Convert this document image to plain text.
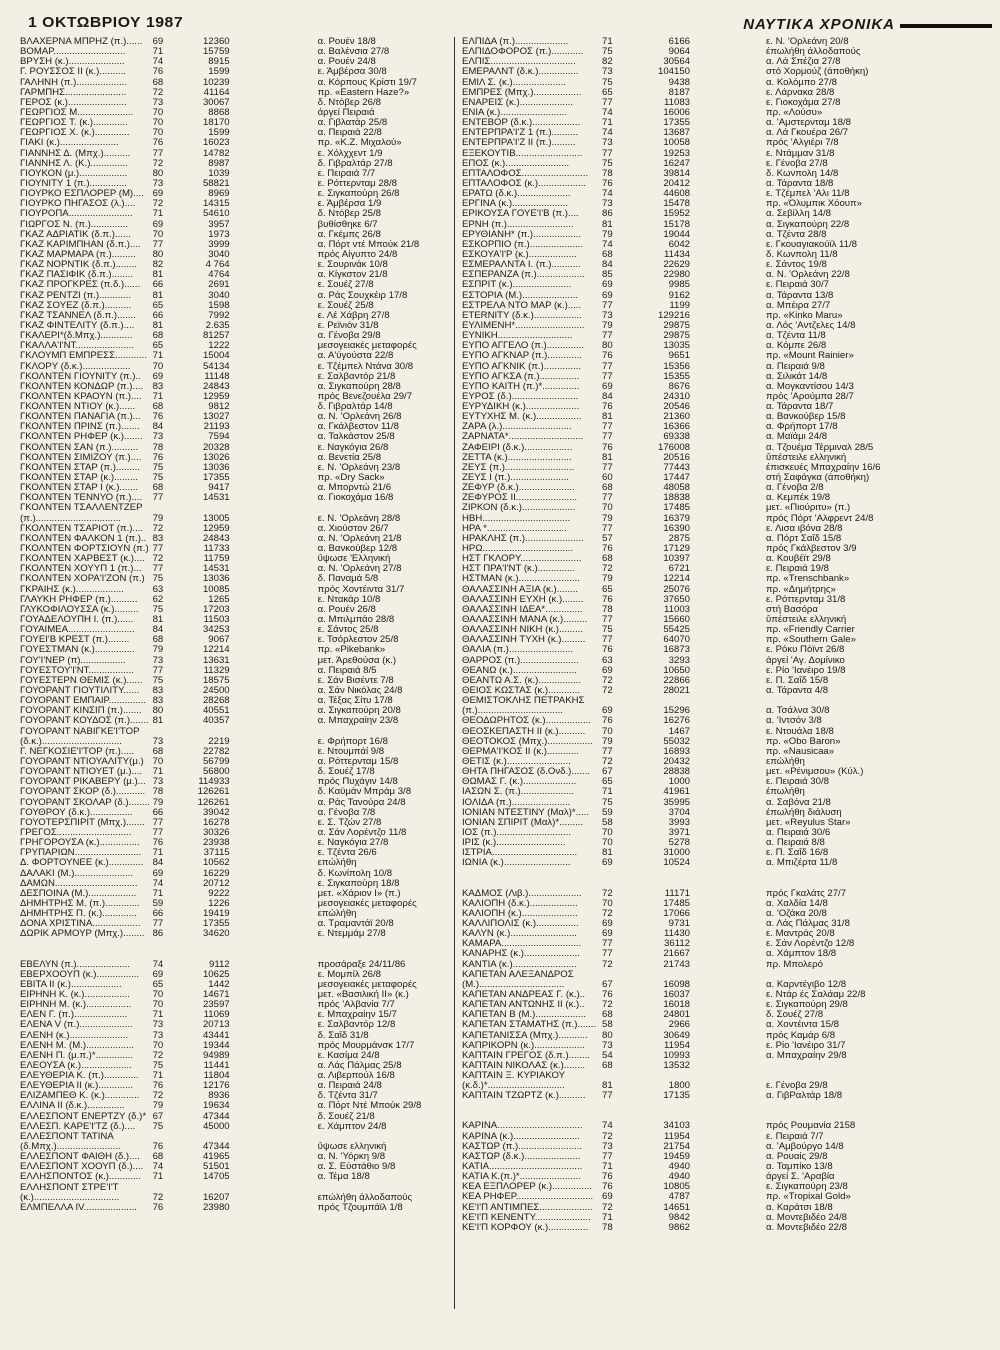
1 ΟΚΤΩΒΡΙΟΥ 1987	ΝΑΥΤΙΚΑ ΧΡΟΝΙΚΑ
ΒΛΑΧΕΡΝΑ ΜΠΡΗΖ (π.)......	69	12360	α. Ρουέν 18/8
ΒΟΜΑΡ...........................	71	15759	α. Βαλένσια 27/8
ΒΡΥΣΗ (κ.).....................	74	8915	α. Ρουέν 24/8
Γ. ΡΟΥΣΣΟΣ ΙΙ (κ.)..........	76	1599	ε. Άμβέρσα 30/8
ΓΑΛΗΝΗ (π.)...................	68	10239	α. Κόρπους Κρίστι 19/7
ΓΑΡΜΠΗΣ.......................	72	41164	πρ. «Eastern Haze?»
ΓΕΡΟΣ (κ.)......................	73	30067	δ. Ντόβερ 26/8
ΓΕΩΡΓΙΟΣ Μ.....................	70	8868	άργεί Πειραιά
ΓΕΩΡΓΙΟΣ Τ. (κ.).............	70	18170	α. Γιβλατάρ 25/8
ΓΕΩΡΓΙΟΣ Χ. (κ.).............	70	1599	α. Πειραιά 22/8
ΓΙΑΚΙ (κ.)......................	76	16023	πρ. «Κ.Ζ. Μιχαλού»
ΓΙΑΝΝΗΣ Δ. (Μπχ.)..........	77	14782	ε. Χόλχχεντ 1/9
ΓΙΑΝΝΗΣ Λ. (Κ.)..............	72	8987	δ. Γιβραλτάρ 27/8
ΓΙΟΥΚΟΝ (μ.)..................	80	1039	ε. Πειραιά 7/7
ΓΙΟΥΝΙΤΥ 1 (π.)..............	73	58821	ε. Ρόττερνταμ 28/8
ΓΙΟΥΡΚΟ ΕΣΠΛΟΡΕΡ (Μ).... 69	8969	ε. Σιγκαπούρη 26/8
ΓΙΟΥΡΚΟ ΠΗΓΑΣΟΣ (λ.)....	72	14315	ε. Άμβέρσα 1/9
ΓΙΟΥΡΟΠΑ........................	71	54610	δ. Ντόβερ 25/8
ΓΙΩΡΓΟΣ Ν. (π.)..............	69	3957	βυθίσθηκε 6/7
ΓΚΑΖ ΑΔΡΙΑΤΙΚ (δ.π.)......	70	1973	α. Γκέμπς 26/8
ΓΚΑΖ ΚΑΡΙΜΠΗΑΝ (δ.π.)....	77	3999	α. Πόρτ ντέ Μπούκ 21/8
ΓΚΑΖ ΜΑΡΜΑΡΑ (π.).........	80	3040	πρός Αίγυπτο 24/8
ΓΚΑΖ ΝΟΡΝΤΙΚ (δ.π.)........	82	4 764	ε. Σουρινάκ 10/8
ΓΚΑΖ ΠΑΣΙΦΙΚ (δ.π.)........	81	4764	α. Κίγκστον 21/8
ΓΚΑΖ ΠΡΟΓΚΡΕΣ (π.δ.)......	66	2691	ε. Σουέζ 27/8
ΓΚΑΖ ΡΕΝΤΖΙ (π.)............	81	3040	α. Ράς Σουχκέιρ 17/8
ΓΚΑΖ ΣΟΥΕΖ (δ.π.)..........	65	1598	ε. Σουέζ 25/8
ΓΚΑΖ ΤΣΑΝΝΕΛ (δ.π.).......	66	7992	ε. Λέ Χάβρη 27/8
ΓΚΑΖ ΦΙΝΤΕΛΙΤΥ (δ.π.)....	81	2.635	ε. Ρεϊνιόν 31/8
ΓΚΑΛΕΡΙ*(δ.Μπχ.)............	68	81257	α. Γένοβα 29/8
ΓΚΑΛΛΑ'Ι'ΝΤ......................	65	1222	μεσογειακές μεταφορές
ΓΚΛΟΥΜΠ ΕΜΠΡΕΣΣ............ 71	15004	α. Α'ύγούστα 22/8
ΓΚΛΟΡΥ (δ.κ.)..................	70	54134	ε. Τζέμπελ Ντάνα 30/8
ΓΚΟΛΝΤΕΝ ΓΙΟΥΝΙΤΥ (π.)..	69	11148	ε. Σαλβαντόρ 21/8
ΓΚΟΛΝΤΕΝ ΚΟΝΔΩΡ (π.).... 83	24843	α. Σιγκαπούρη 28/8
ΓΚΟΛΝΤΕΝ ΚΡΑΟΥΝ (π.)....	71	12959	πρός Βενεζουέλα 29/7
ΓΚΟΛΝΤΕΝ ΝΤΙΟΥ (κ.)......	68	9812	δ. Γιβραλτάρ 14/8
ΓΚΟΛΝΤΕΝ ΠΑΝΑΓΙΑ (π.)...	76	13027	α. Ν. 'Ορλεάνη 26/8
ΓΚΟΛΝΤΕΝ ΠΡΙΝΣ (π.).......	84	21193	α. Γκάλβεστον 11/8
ΓΚΟΛΝΤΕΝ ΡΗΦΕΡ (κ.).......	73	7594	α. Ταλκάστον 25/8
ΓΚΟΛΝΤΕΝ ΣΑΝ (π.)..........	78	20328	ε. Ναγκόγια 26/8
ΓΚΟΛΝΤΕΝ ΣΙΜΙΖΟΥ (π.)....	76	13026	α. Βενετία 25/8
ΓΚΟΛΝΤΕΝ ΣΤΑΡ (π.).........	75	13036	ε. Ν. 'Ορλεάνη 23/8
ΓΚΟΛΝΤΕΝ ΣΤΑΡ (κ.).........	75	17355	πρ. «Dry Sack»
ΓΚΟΛΝΤΕΝ ΣΤΑΡ Ι (κ.).......	68	9417	α. Μπορντώ 21/6
ΓΚΟΛΝΤΕΝ ΤΕΝΝΥΟ (π.)....	77	14531	α. Γιοκοχάμα 16/8
ΓΚΟΛΝΤΕΝ ΤΣΑΛΛΕΝΤΖΕΡ
(π.)................................	79	13005	ε. Ν. 'Ορλεάνη 28/8
ΓΚΟΛΝΤΕΝ ΤΣΑΡΙΟΤ (π.).... 72	12959	α. Χιούστον 26/7
ΓΚΟΛΝΤΕΝ ΦΑΛΚΟΝ 1 (π.).. 83	24843	α. Ν. 'Ορλεάνη 21/8
ΓΚΟΛΝΤΕΝ ΦΟΡΤΣΙΟΥΝ (π.) 77	11733	α. Βανκούβερ 12/8
ΓΚΟΛΝΤΕΝ ΧΑΡΒΕΣΤ (κ.).... 72	11759	ΰψωσε 'Ελληνική
ΓΚΟΛΝΤΕΝ ΧΟΥΥΠ 1 (π.)...	77	14531	α. Ν. 'Ορλεάνη 27/8
ΓΚΟΛΝΤΕΝ ΧΟΡΑ'Ι'ΖΟΝ (π.) 75	13036	δ. Παναμά 5/8
ΓΚΡΑΙΗΣ (κ.)..................	63	10085	πρός Χοντέιντα 31/7
ΓΛΑΥΚΗ ΡΗΦΕΡ (π.)..........	62	1265	ε. Ντακάρ 10/8
ΓΛΥΚΟΦΙΛΟΥΣΣΑ (κ.).........	75	17203	α. Ρουέν 26/8
ΓΟΥΑΔΕΛΟΥΠΗ Ι. (π.)......	81	11503	α. Μπιλμπάο 28/8
ΓΟΥΑΙΜΕΑ.........................	84	34253	ε. Σάντος 25/8
ΓΟΥΕΪ'Β ΚΡΕΣΤ (π.)........	68	9067	ε. Τσόρλεστον 25/8
ΓΟΥΕΣΤΜΑΝ (κ.)...............	79	12214	πρ. «Pikebank»
ΓΟΥ'Ι'ΝΕΡ (π).................	73	13631	μετ. Άρεθούσα (κ.)
ΓΟΥΕΣΤΟΥ'Ι'ΝΤ.................	77	11329	α. Πειραιά 8/5
ΓΟΥΕΣΤΕΡΝ ΘΕΜΙΣ (κ.)......	75	18575	ε. Σάν Βισέντε 7/8
ΓΟΥΟΡΑΝΤ ΓΙΟΥΤΙΛΙΤΥ......	83	24500	α. Σάν Νικόλας 24/8
ΓΟΥΟΡΑΝΤ ΕΜΠΑΙΡ.............. 83	28268	α. Τέξας Σίτυ 17/8
ΓΟΥΟΡΑΝΤ ΚΙΝΣΙΠ (π.).......	80	40551	α. Σιγκαπούρη 20/8
ΓΟΥΟΡΑΝΤ ΚΟΥΔΟΣ (π.)....... 81	40357	α. Μπαχραίην 23/8
ΓΟΥΟΡΑΝΤ ΝΑΒΙΓΚΕ'Ι'ΤΟΡ
(δ.κ.)..............................	73	2219	ε. Φρήπορτ 16/8
Γ. ΝΕΓΚΟΣΙΕ'Ι'ΤΟΡ (π.).....	68	22782	ε. Ντουμπάί 9/8
ΓΟΥΟΡΑΝΤ ΝΤΙΟΥΑΛΙΤΥ(μ.) 70	56799	α. Ρόττερνταμ 15/8
ΓΟΥΟΡΑΝΤ ΝΤΙΟΥΕΤ (μ.)....	71	56800	δ. Σουέζ 17/8
ΓΟΥΟΡΑΝΤ ΡΙΚΑΒΕΡΥ (μ.)... 73	114933	πρός Πυχάγιν 14/8
ΓΟΥΟΡΑΝΤ ΣΚΟΡ (δ.)........... 78	126261	δ. Καϋμάν Μπράμ 3/8
ΓΟΥΟΡΑΝΤ ΣΚΟΛΑΡ (δ.)........ 79	126261	α. Ράς Τανούρα 24/8
ΓΟΥΘΡΟΥ (δ.κ.)................	66	39042	α. Γένοβα 7/8
ΓΟΥΟΤΕΡΣΠΙΡΙΤ (Μπχ.)....... 77	16278	ε. Σ. Τζών 27/8
ΓΡΕΓΟΣ............................	77	30326	α. Σάν Λορέντζο 11/8
ΓΡΗΓΟΡΟΥΣΑ (κ.)...............	76	23938	ε. Ναγκόγια 27/8
ΓΡΥΠΑΡΙΩΝ.........................	71	37115	ε. Τζέντα 26/6
Δ. ΦΟΡΤΟΥΝΕΕ (κ.)............. 84	10562	επώλήθη
ΔΑΛΑΚΙ (Μ.)......................	69	16229	δ. Κωνίπολη 10/8
ΔΑΜΩΝ...............................	74	20712	ε. Σιγκαπούρη 18/8
ΔΕΣΠΟΙΝΑ (Μ.)..................	71	9222	μετ. «Χάριον Ι» (π.)
ΔΗΜΗΤΡΗΣ Μ. (π.).............	59	1226	μεσογειακές μεταφορές
ΔΗΜΗΤΡΗΣ Π. (κ.).............	66	19419	επώλήθη
ΔΟΝΑ ΧΡΙΣΤΙΝΑ..................	77	17355	α. Τραμαντάϊ 20/8
ΔΩΡΙΚ ΑΡΜΟΥΡ (Μπχ.)........ 86	34620	ε. Ντεμμάμ 27/8
ΕΒΕΛΥΝ (π.)....................	74	9112	προσάραξε 24/11/86
ΕΒΕΡΧΟΟΥΠ (κ.)................	69	10625	ε. Μομπίλ 26/8
ΕΒΙΤΑ ΙΙ (κ.)...................	65	1442	μεσογειακές μεταφορές
ΕΙΡΗΝΗ Κ. (κ.).................	70	14671	μετ. «Βασιλική ΙΙ» (κ.)
ΕΙΡΗΝΗ Μ. (κ.).................	70	23597	πρός 'Αλβανία 7/7
ΕΛΕΝ Γ. (π.)....................	71	11069	ε. Μπαχραίην 15/7
ΕΛΕΝΑ V (π.)....................	73	20713	ε. Σαλβαντόρ 12/8
ΕΛΕΝΗ (κ.)......................	73	43441	δ. Σαΐδ 31/8
ΕΛΕΝΗ Μ. (Μ.)..................	70	19344	πρός Μουρμάνσκ 17/7
ΕΛΕΝΗ Π. (μ.π.)*..............	72	94989	ε. Κασίμα 24/8
ΕΛΕΟΥΣΑ (κ.)...................	75	11441	α. Λάς Πάλμας 25/8
ΕΛΕΥΘΕΡΙΑ Κ. (π.).............	71	11804	α. Λιβερπούλ 16/8
ΕΛΕΥΘΕΡΙΑ ΙΙ (κ.).............	76	12176	α. Πειραιά 24/8
ΕΛΙΖΑΜΠΕΘ Κ. (κ.).............	72	8936	δ. Τζέντα 31/7
ΕΛΛΙΝΑ ΙΙ (δ.κ.)..............	79	19634	α. Πόρτ Ντέ Μπούκ 29/8
ΕΛΛΕΣΠΟΝΤ ΕΝΕΡΤΖΥ (δ.)* 67	47344	δ. Σουέζ 21/8
ΕΛΛΕΣΠ. ΚΑΡΕ'Ι'ΤΖ (δ.)....	75	45000	ε. Χάμπτον 24/8
ΕΛΛΕΣΠΟΝΤ ΤΑΤΙΝΑ
(δ.Μπχ.)........................	76	47344	ΰψωσε ελληνική
ΕΛΛΕΣΠΟΝΤ ΦΑΙΘΗ (δ.)....	68	41965	α. Ν. 'Υόρκη 9/8
ΕΛΛΕΣΠΟΝΤ ΧΟΟΥΠ (δ.).... 74	51501	α. Σ. Εύστάθιο 9/8
ΕΛΛΗΣΠΟΝΤΟΣ (κ.)............	71	14705	α. Τέμα 18/8
ΕΛΛΗΣΠΟΝΤ ΣΤΡΕ'Ι'Τ
(κ.)................................	72	16207	επώλήθη άλλοδαπούς
ΕΛΜΠΕΛΛΑ IV....................	76	23980	πρός Τζουμπάϊλ 1/8
ΕΛΠΙΔΑ (π.)....................	71	6166	ε. Ν. 'Ορλεάνη 20/8
ΕΛΠΙΔΟΦΟΡΟΣ (π.)............	75	9064	έπωλήθη άλλοδαπούς
ΕΛΠΙΣ................................	82	30564	α. Λά Σπέζια 27/8
ΕΜΕΡΑΛΝΤ (δ.κ.)...............	73	104150	στό Χορμούζ (άποθήκη)
ΕΜΙΛ Σ. (κ.)....................	75	9438	α. Κολόμπο 27/8
ΕΜΠΡΕΣ (Μπχ.)..................	65	8187	ε. Λάρνακα 28/8
ΕΝΑΡΕΙΣ (κ.)....................	77	11083	ε. Γιοκοχάμα 27/8
ΕΝΙΑ (κ.).........................	74	16006	πρ. «Λούσυ»
ΕΝΤΕΒΟΡ (δ.κ.)..................	71	17355	α. 'Αμστερνταμ 18/8
ΕΝΤΕΡΠΡΑ'Ι'Ζ 1 (π.)..........	74	13687	α. Λά Γκουέρα 26/7
ΕΝΤΕΡΠΡΑ'Ι'Ζ ΙΙ (π.).........	73	10058	πρός 'Αλγιέρι 7/8
ΕΞΕΚΟΥΤΙΒ.........................	77	19253	ε. Ντάμμαν 31/8
ΕΠΟΣ (κ.)........................	75	16247	ε. Γένοβα 27/8
ΕΠΤΑΛΟΦΟΣ.........................	78	39814	δ. Κωνπολη 14/8
ΕΠΤΑΛΟΦΟΣ (κ.)..................	76	20412	α. Τάραντα 18/8
ΕΡΑΤΩ (δ.κ.)....................	74	44608	ε. Τζέμπελ 'Αλι 11/8
ΕΡΓΙΝΑ (κ.).....................	73	15478	πρ. «Όλυμπικ Χόουπ»
ΕΡΙΚΟΥΣΑ ΓΟΥΕ'Ι'Β (π.)....	86	15952	α. Σεβίλλη 14/8
ΕΡΝΗ (π.).........................	81	15178	α. Σιγκαπούρη 22/8
ΕΡΥΘΙΑΝΗ* (π.)..................	79	19044	α. Τζέντα 28/8
ΕΣΚΟΡΠΙΟ (π.)....................	74	6042	ε. Γκουαγιακούϊλ 11/8
ΕΣΚΟΥΑ'Ι'Ρ (κ.)..................	68	11434	δ. Κωνπολη 11/8
ΕΣΜΕΡΑΛΝΤΑ Ι. (π.)...........	84	22629	ε. Σάντος 19/8
ΕΣΠΕΡΑΝΖΑ (π.)..................	85	22980	α. Ν. 'Ορλεάνη 22/8
ΕΣΠΡΙΤ (κ.)......................	69	9985	ε. Πειραιά 30/7
ΕΣΤΟΡΙΑ (Μ.).....................	69	9162	α. Τάραντα 13/8
ΕΣΤΡΕΛΑ ΝΤΟ ΜΑΡ (κ.).....	77	1199	α. Μπέιρα 27/7
ΕΤΕRΝΙΤΥ (δ.κ.)..................	73	129216	πρ. «Kinko Maru»
ΕΥΛΙΜΕΝΗ*..........................	79	29875	α. Λός 'Αντζελες 14/8
ΕΥΝΙΚΗ............................	77	29875	α. Τζέντα 11/8
ΕΥΠΟ ΑΓΓΕΛΟ (π.)..............	80	13035	α. Κόμπε 26/8
ΕΥΠΟ ΑΓΚΝΑΡ (π.).............	76	9651	πρ. «Mount Rainier»
ΕΥΠΟ ΑΓΚΝΙΚ (π.)..............	77	15356	α. Πειραιά 9/8
ΕΥΠΟ ΑΓΚΣΑ (π.)...............	77	15355	α. Σιλικάτ 14/8
ΕΥΠΟ ΚΑΙΤΗ (π.)*..............	69	8676	α. Μογκαντίσου 14/3
ΕΥΡΟΣ (δ.).........................	84	24310	πρός 'Αρούμπα 28/7
ΕΥΡΥΔΙΚΗ (κ.)....................	76	20546	α. Τάραντα 18/7
ΕΥΤΥΧΗΣ Μ. (κ.).................	81	21360	α. Βανκούβερ 15/8
ΖΑΡΑ (λ.)..........................	77	16366	α. Φρήπορτ 17/8
ΖΑΡΝΑΤΑ*............................	77	69338	α. Μαϊάμι 24/8
ΖΑΦΕΙΡΙ (δ.κ.)..................	76	176008	α. Τζουέμα Τέρμιναλ 28/5
ΖΕΤΤΑ (κ.)........................	81	20516	ΰπέστειλε ελληνική
ΖΕΥΣ (π.)..........................	77	77443	έπισκευές Μπαχραίην 16/6
ΖΕΥΣ Ι (π.)......................	60	17447	στή Σαφάγκα (άποθήκη)
ΖΕΦΥΡ (δ.κ.).....................	68	48058	α. Γένοβα 2/8
ΖΕΦΥΡΟΣ ΙΙ.......................	77	18838	α. Κεμπέκ 19/8
ΖΙΡΚΟΝ (δ.κ.)....................	70	17485	μετ. «Πιούριτυ» (π.)
ΗΒΗ.................................	79	16379	πρός Πόρτ 'Αλφρεντ 24/8
ΗΡΑ *..............................	77	16390	ε. Λισα ιβόνα 28/8
ΗΡΑΚΛΗΣ (π.)......................	57	2875	α. Πόρτ Σαΐδ 15/8
ΗΡΩ..................................	76	17129	πρός Γκάλβεστον 3/9
ΗΣΤ ΓΚΛΟΡΥ.......................	68	10397	α. Κουβέϊτ 29/8
ΗΣΤ ΠΡΑ'Ι'ΝΤ (κ.)..............	72	6721	ε. Πειραιά 19/8
ΗΣΤΜΑΝ (κ.).......................	79	12214	πρ. «Trenschbank»
ΘΑΛΑΣΣΙΝΗ ΑΞΙΑ (κ.)........	65	25076	πρ. «Δημήτρης»
ΘΑΛΑΣΣΙΝΗ ΕΥΧΗ (κ.)........	76	37650	ε. Ρόττερνταμ 31/8
ΘΑΛΑΣΣΙΝΗ ΙΔΕΑ*..............	78	11003	στή Βασόρα
ΘΑΛΑΣΣΙΝΗ ΜΑΝΑ (κ.).........	77	15660	ΰπέστειλε ελληνική
ΘΑΛΑΣΣΙΝΗ ΝΙΚΗ (κ.).........	75	55425	πρ. «Friendly Carrier
ΘΑΛΑΣΣΙΝΗ ΤΥΧΗ (κ.).........	77	64070	πρ. «Southern Gale»
ΘΑΛΙΑ (π.)........................	76	16873	ε. Ρόκυ Πόϊντ 26/8
ΘΑΡΡΟΣ (π.)......................	63	3293	άργεί 'Αγ. Δομίνικο
ΘΕΑΝΩ (κ.)........................	69	10650	ε. Ρίο 'Ιανέιρο 19/8
ΘΕΑΝΤΩ Α.Σ. (κ.)................	72	22866	ε. Π. Σαΐδ 15/8
ΘΕΙΟΣ ΚΩΣΤΑΣ (κ.)............	72	28021	α. Τάραντα 4/8
ΘΕΜΙΣΤΟΚΛΗΣ ΠΕΤΡΑΚΗΣ
(π.)................................	69	15296	α. Τσάλνα 30/8
ΘΕΟΔΩΡΗΤΟΣ (κ.).................	76	16276	α. 'Ιντσόν 3/8
ΘΕΟΣΚΕΠΑΣΤΗ ΙΙ (κ.)..........	70	1467	ε. Ντουάλα 18/8
ΘΕΟΤΟΚΟΣ (Μπχ.)................. 79	55032	πρ. «Obo Baron»
ΘΕΡΜΑ'Ι'ΚΟΣ ΙΙ (κ.)............	77	16893	πρ. «Nausicaa»
ΘΕΤΙΣ (κ.)........................	72	20432	επώλήθη
ΘΗΤΑ ΠΗΓΑΣΟΣ (δ.Ονδ.).......	67	28838	μετ. «Ρένιμσου» (Κύλ.)
ΘΩΜΑΣ Γ. (κ.)....................	65	1000	ε. Πειραιά 30/8
ΙΑΣΩΝ Σ. (π.)....................	71	41961	έπωλήθη
ΙΟΛΙΔΑ (π.)......................	75	35995	α. Σαβόνα 21/8
ΙΟΝΙΑΝ ΝΤΕΣΤΙΝΥ (Μαλ)*.....	59	3704	έπωλήθη διάλυση
ΙΟΝΙΑΝ ΣΠΙΡΙΤ (Μαλ)*.........	58	3993	μετ. «Reyulus Star»
ΙΟΣ (π.)............................	70	3971	α. Πειραιά 30/6
ΙΡΙΣ (κ.)..........................	70	5278	α. Πειραιά 8/8
ΙΣΤΡΙΑ................................	81	31000	ε. Π. Σαΐδ 16/8
ΙΩΝΙΑ (κ.).........................	69	10524	α. Μπιζέρτα 11/8
ΚΑΔΜΟΣ (Λιβ.)....................	72	11171	πρός Γκαλάτς 27/7
ΚΑΛΙΟΠΗ (δ.κ.)..................	70	17485	α. Χαλδία 14/8
ΚΑΛΙΟΠΗ (κ.).....................	72	17066	α. 'Οζάκα 20/8
ΚΑΛΛΙΠΟΛΙΣ (κ.)................	69	9731	α. Λάς Πάλμας 31/8
ΚΑΛΥΝ (κ.).........................	69	11430	ε. Μαντράς 20/8
ΚΑΜΑΡΑ..............................	77	36112	ε. Σάν Λορέντζο 12/8
ΚΑΝΑΡΗΣ (κ.).....................	77	21667	α. Χάμπτον 18/8
ΚΑΝΤΙΑ (κ.)........................	72	21743	πρ. Μπολερό
ΚΑΠΕΤΑΝ ΑΛΕΞΑΝΔΡΟΣ
(Μ.)................................	67	16098	α. Καρντέγιβο 12/8
ΚΑΠΕΤΑΝ ΑΝΔΡΕΑΣ Γ. (κ.)..	76	16037	ε. Ντάρ ές Σαλάαμ 22/8
ΚΑΠΕΤΑΝ ΑΝΤΩΝΗΣ ΙΙ (κ.)..	72	16018	ε. Σιγκαπούρη 29/8
ΚΑΠΕΤΑΝ Β (Μ.)...................	68	24801	δ. Σουέζ 27/8
ΚΑΠΕΤΑΝ ΣΤΑΜΑΤΗΣ (π.)....... 58	2966	α. Χοντέιντα 15/8
ΚΑΠΕΤΑΝΙΣΣΑ (Μπχ.)...........	80	30649	πρός Καμάρ 6/8
ΚΑΠΡΙΚΟΡΝ (κ.)...................	73	11954	ε. Ρίο 'Ιανέιρο 31/7
ΚΑΠΤΑΙΝ ΓΡΕΓΟΣ (δ.π.)........	54	10993	α. Μπαχραίην 29/8
ΚΑΠΤΑΙΝ ΝΙΚΟΛΑΣ (κ.)........	68	13532
ΚΑΠΤΑΙΝ Ξ. ΚΥΡΙΑΚΟΥ
(κ.δ.)*.............................	81	1800	ε. Γένοβα 29/8
ΚΑΠΤΑΙΝ ΤΖΩΡΤΖ (κ.)..........	77	17135	α. ΓιβΡαλτάρ 18/8
ΚΑΡΙΝΑ................................	74	34103	πρός Ρουμανία 2158
ΚΑΡΙΝΑ (κ.).........................	72	11954	ε. Πειραιά 7/7
ΚΑΣΤΩΡ (π.)........................	73	21754	α. 'Αμβούργο 14/8
ΚΑΣΤΩΡ (δ.κ.).....................	77	19459	α. Ρουαίς 29/8
ΚΑΤΙΑ...................................	71	4940	α. Ταμπίκο 13/8
ΚΑΤΙΑ Κ.(π.)*.......................	76	4940	άργεί Σ. 'Αραβία
ΚΕΑ ΕΞΠΛΟΡΕΡ (κ.)...............	76	10805	ε. Σιγκαπούρη 23/8
ΚΕΑ ΡΗΦΕΡ............................. 69	4787	πρ. «Tropixal Gold»
ΚΕ'Ι'Π ΑΝΤΙΜΠΕΣ.................... 72	14651	α. Καράτσι 18/8
ΚΕ'Ι'Π ΚΕΝΕΝΤΥ.....................	71	9842	α. Μοντεβιδέο 24/8
ΚΕ'Ι'Π ΚΟΡΦΟΥ (κ.)...............	78	9862	α. Μοντεβιδέο 22/8
